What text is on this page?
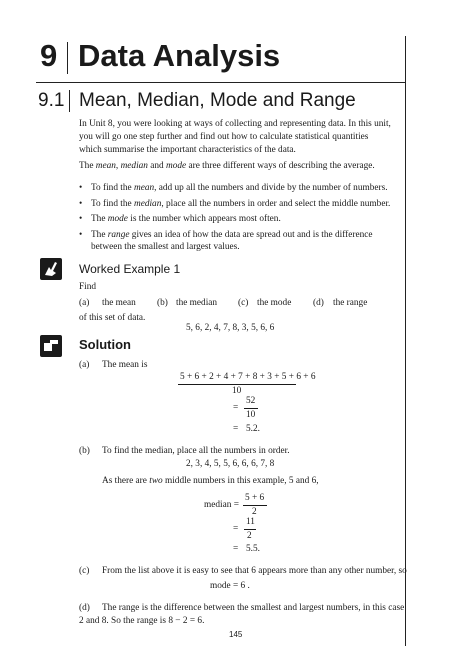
9 Data Analysis
9.1 Mean, Median, Mode and Range
In Unit 8, you were looking at ways of collecting and representing data. In this unit, you will go one step further and find out how to calculate statistical quantities which summarise the important characteristics of the data.
The mean, median and mode are three different ways of describing the average.
• To find the mean, add up all the numbers and divide by the number of numbers.
• To find the median, place all the numbers in order and select the middle number.
• The mode is the number which appears most often.
• The range gives an idea of how the data are spread out and is the difference between the smallest and largest values.
Worked Example 1
Find
(a) the mean (b) the median (c) the mode (d) the range
of this set of data.
5, 6, 2, 4, 7, 8, 3, 5, 6, 6
Solution
(a) The mean is
5 + 6 + 2 + 4 + 7 + 8 + 3 + 5 + 6 + 6
10
=
52
10
= 5.2.
(b) To find the median, place all the numbers in order.
2, 3, 4, 5, 5, 6, 6, 6, 7, 8
As there are two middle numbers in this example, 5 and 6,
median =
5 + 6
2
=
11
2
= 5.5.
(c) From the list above it is easy to see that 6 appears more than any other number, so
mode = 6 .
(d) The range is the difference between the smallest and largest numbers, in this case
2 and 8. So the range is 8 − 2 = 6.
145
